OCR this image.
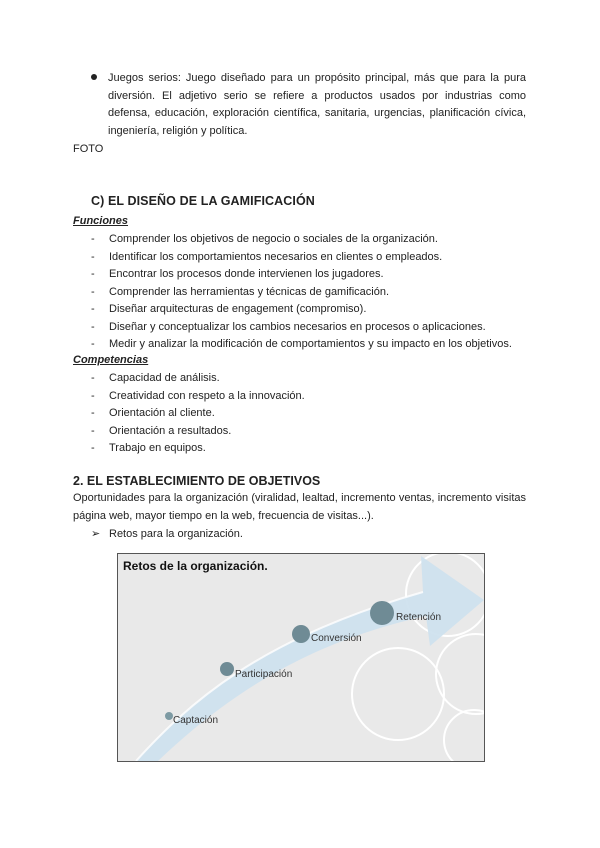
Juegos serios: Juego diseñado para un propósito principal, más que para la pura diversión. El adjetivo serio se refiere a productos usados por industrias como defensa, educación, exploración científica, sanitaria, urgencias, planificación cívica, ingeniería, religión y política.
FOTO
C) EL DISEÑO DE LA GAMIFICACIÓN
Funciones
- Comprender los objetivos de negocio o sociales de la organización.
- Identificar los comportamientos necesarios en clientes o empleados.
- Encontrar los procesos donde intervienen los jugadores.
- Comprender las herramientas y técnicas de gamificación.
- Diseñar arquitecturas de engagement (compromiso).
- Diseñar y conceptualizar los cambios necesarios en procesos o aplicaciones.
- Medir y analizar la modificación de comportamientos y su impacto en los objetivos.
Competencias
- Capacidad de análisis.
- Creatividad con respeto a la innovación.
- Orientación al cliente.
- Orientación a resultados.
- Trabajo en equipos.
2. EL ESTABLECIMIENTO DE OBJETIVOS
Oportunidades para la organización (viralidad, lealtad, incremento ventas, incremento visitas página web, mayor tiempo en la web, frecuencia de visitas...).
➢ Retos para la organización.
Retos de la organización.
Captación
Participación
Conversión
Retención
